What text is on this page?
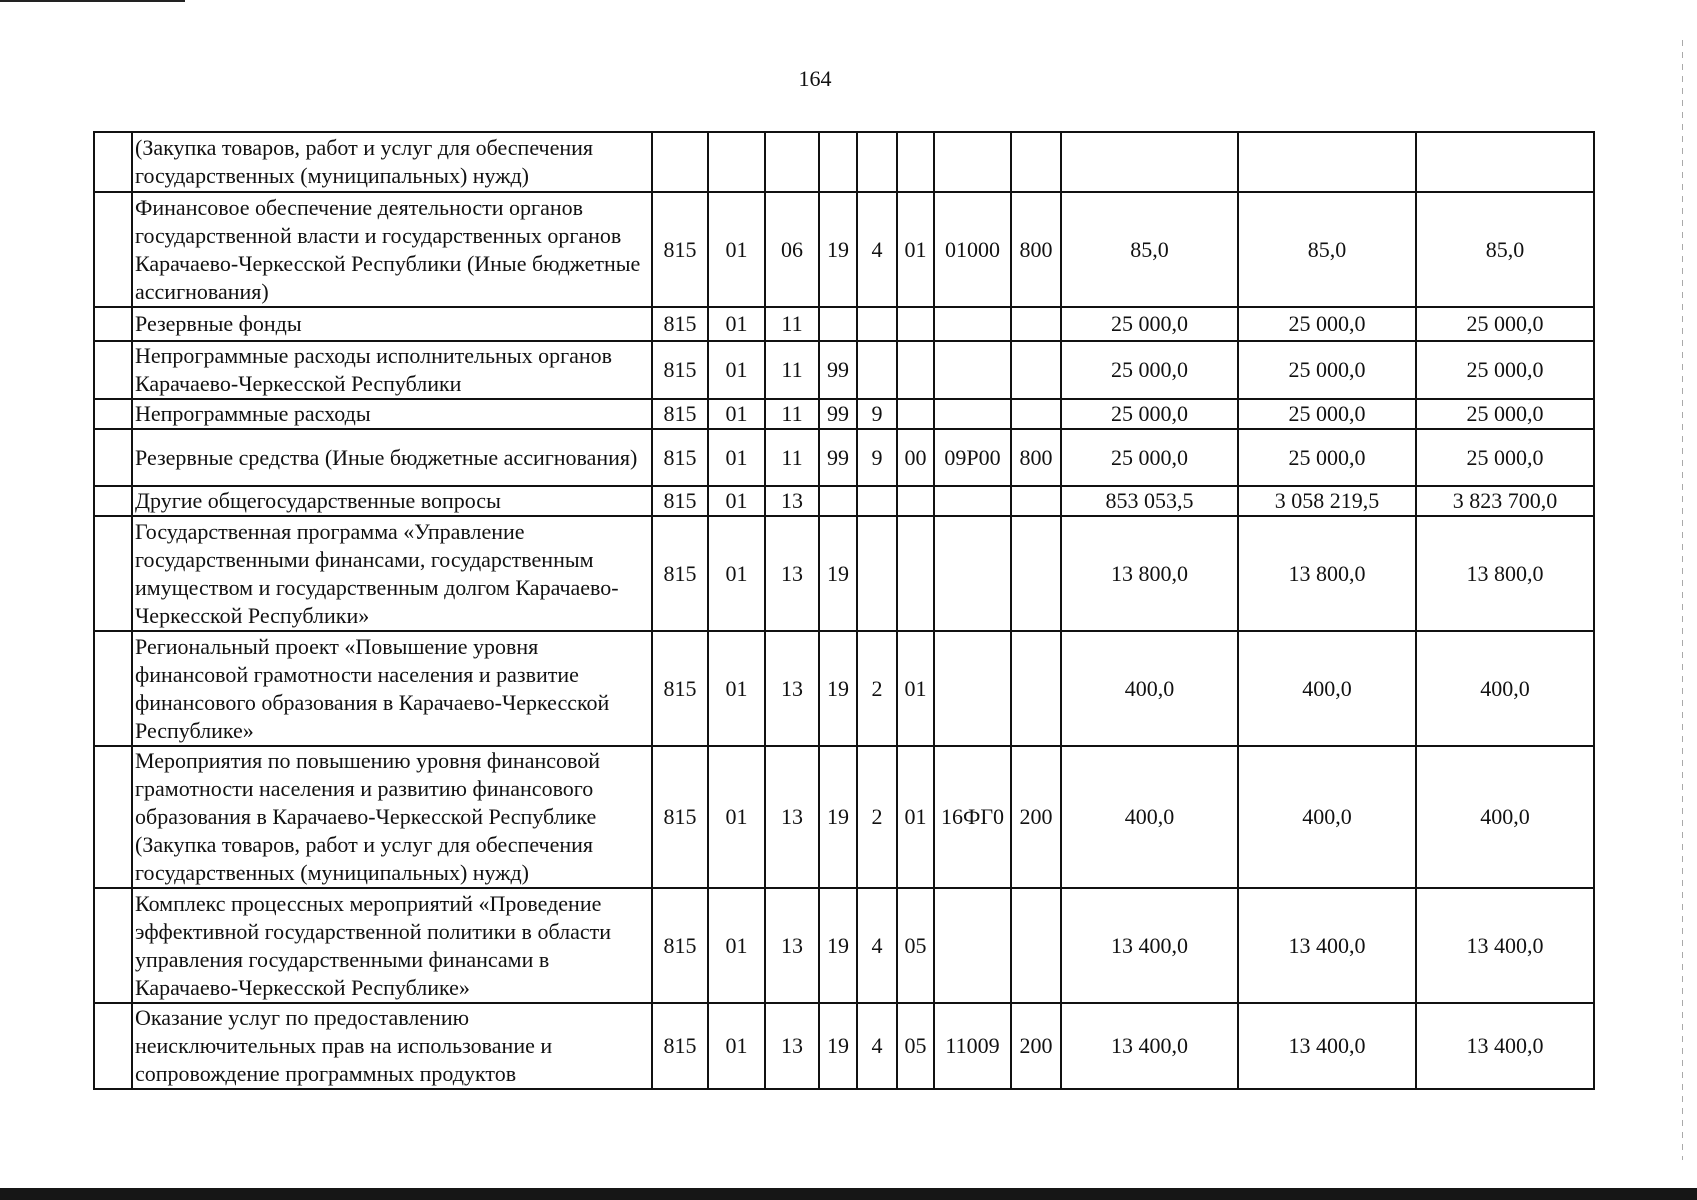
164
	(Закупка товаров, работ и услуг для обеспечения государственных (муниципальных) нужд)											
	Финансовое обеспечение деятельности органов государственной власти и государственных органов Карачаево-Черкесской Республики (Иные бюджетные ассигнования)	815	01	06	19	4	01	01000	800	85,0	85,0	85,0
	Резервные фонды	815	01	11						25 000,0	25 000,0	25 000,0
	Непрограммные расходы исполнительных органов Карачаево-Черкесской Республики	815	01	11	99					25 000,0	25 000,0	25 000,0
	Непрограммные расходы	815	01	11	99	9				25 000,0	25 000,0	25 000,0
	Резервные средства (Иные бюджетные ассигнования)	815	01	11	99	9	00	09Р00	800	25 000,0	25 000,0	25 000,0
	Другие общегосударственные вопросы	815	01	13						853 053,5	3 058 219,5	3 823 700,0
	Государственная программа «Управление государственными финансами, государственным имуществом и государственным долгом Карачаево-Черкесской Республики»	815	01	13	19					13 800,0	13 800,0	13 800,0
	Региональный проект «Повышение уровня финансовой грамотности населения и развитие финансового образования в Карачаево-Черкесской Республике»	815	01	13	19	2	01			400,0	400,0	400,0
	Мероприятия по повышению уровня финансовой грамотности населения и развитию финансового образования в Карачаево-Черкесской Республике (Закупка товаров, работ и услуг для обеспечения государственных (муниципальных) нужд)	815	01	13	19	2	01	16ФГ0	200	400,0	400,0	400,0
	Комплекс процессных мероприятий «Проведение эффективной государственной политики в области управления государственными финансами в Карачаево-Черкесской Республике»	815	01	13	19	4	05			13 400,0	13 400,0	13 400,0
	Оказание услуг по предоставлению неисключительных прав на использование и сопровождение программных продуктов	815	01	13	19	4	05	11009	200	13 400,0	13 400,0	13 400,0
